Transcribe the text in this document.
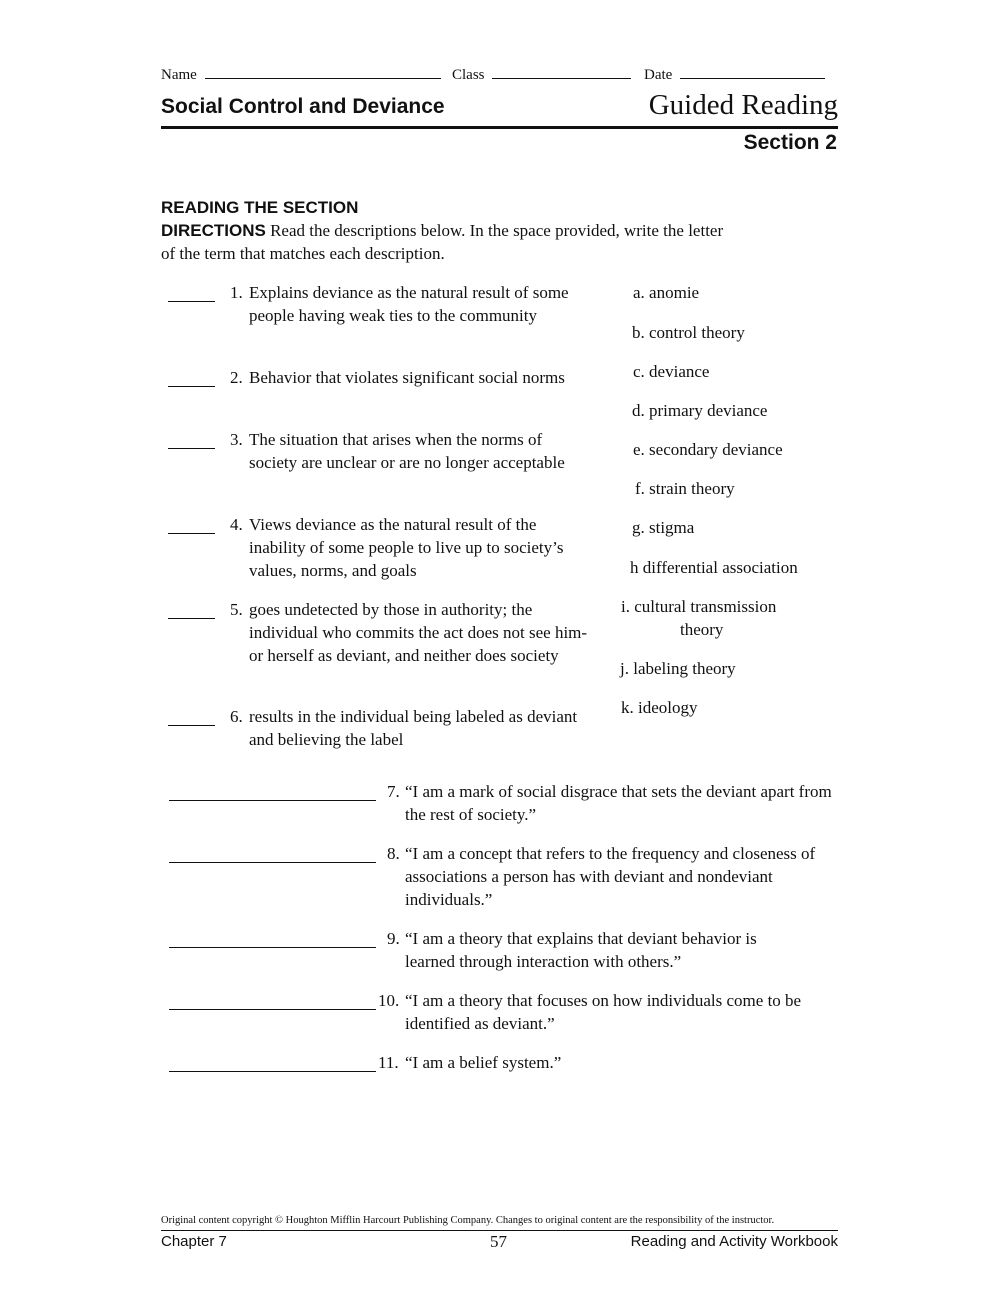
Name	Class	Date
Social Control and Deviance	Guided Reading
Section 2
READING THE SECTION
DIRECTIONS Read the descriptions below. In the space provided, write the letter of the term that matches each description.
1. Explains deviance as the natural result of some people having weak ties to the community
2. Behavior that violates significant social norms
3. The situation that arises when the norms of society are unclear or are no longer acceptable
4. Views deviance as the natural result of the inability of some people to live up to society’s values, norms, and goals
5. goes undetected by those in authority; the individual who commits the act does not see him- or herself as deviant, and neither does society
6. results in the individual being labeled as deviant and believing the label
a. anomie
b. control theory
c. deviance
d. primary deviance
e. secondary deviance
f. strain theory
g. stigma
h differential association
i. cultural transmission
theory
j. labeling theory
k. ideology
7. “I am a mark of social disgrace that sets the deviant apart from the rest of society.”
8. “I am a concept that refers to the frequency and closeness of associations a person has with deviant and nondeviant individuals.”
9. “I am a theory that explains that deviant behavior is learned through interaction with others.”
10. “I am a theory that focuses on how individuals come to be identified as deviant.”
11. “I am a belief system.”
Original content copyright © Houghton Mifflin Harcourt Publishing Company. Changes to original content are the responsibility of the instructor.
Chapter 7	57	Reading and Activity Workbook
